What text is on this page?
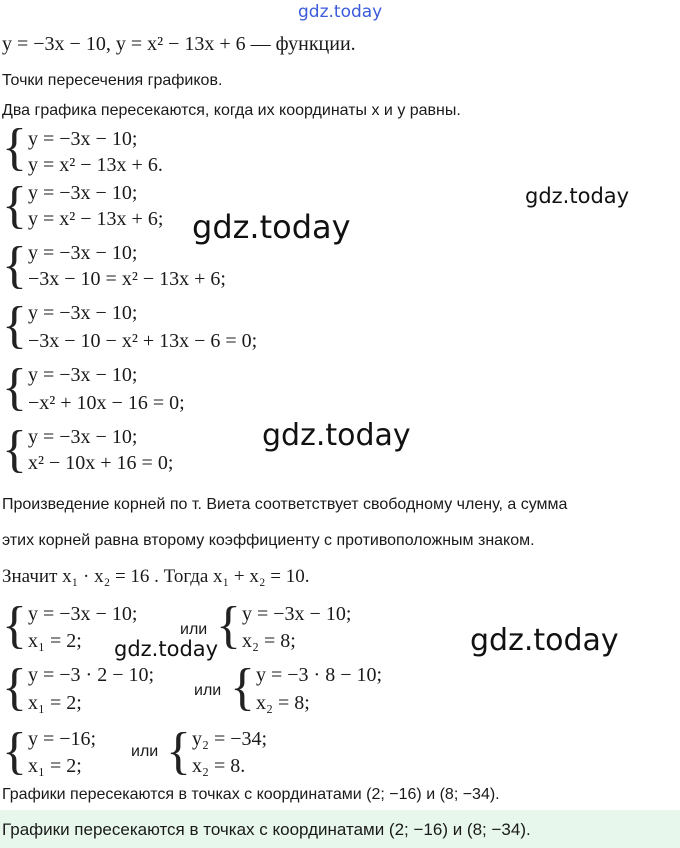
gdz.today
y = −3x − 10, y = x² − 13x + 6 — функции.
Точки пересечения графиков.
Два графика пересекаются, когда их координаты x и y равны.
{ y = −3x − 10;
y = x² − 13x + 6.
{ y = −3x − 10;
y = x² − 13x + 6;
gdz.today
gdz.today
{ y = −3x − 10;
−3x − 10 = x² − 13x + 6;
{ y = −3x − 10;
−3x − 10 − x² + 13x − 6 = 0;
{ y = −3x − 10;
−x² + 10x − 16 = 0;
{ y = −3x − 10;
x² − 10x + 16 = 0;
gdz.today
Произведение корней по т. Виета соответствует свободному члену, а сумма
этих корней равна второму коэффициенту с противоположным знаком.
Значит x₁ · x₂ = 16 . Тогда x₁ + x₂ = 10.
{ y = −3x − 10;
x₁ = 2;
или { y = −3x − 10;
x₂ = 8;
gdz.today	gdz.today
{ y = −3 · 2 − 10;
x₁ = 2;
или { y = −3 · 8 − 10;
x₂ = 8;
{ y = −16;
x₁ = 2;
или { y₂ = −34;
x₂ = 8.
Графики пересекаются в точках с координатами (2; −16) и (8; −34).
Графики пересекаются в точках с координатами (2; −16) и (8; −34).
